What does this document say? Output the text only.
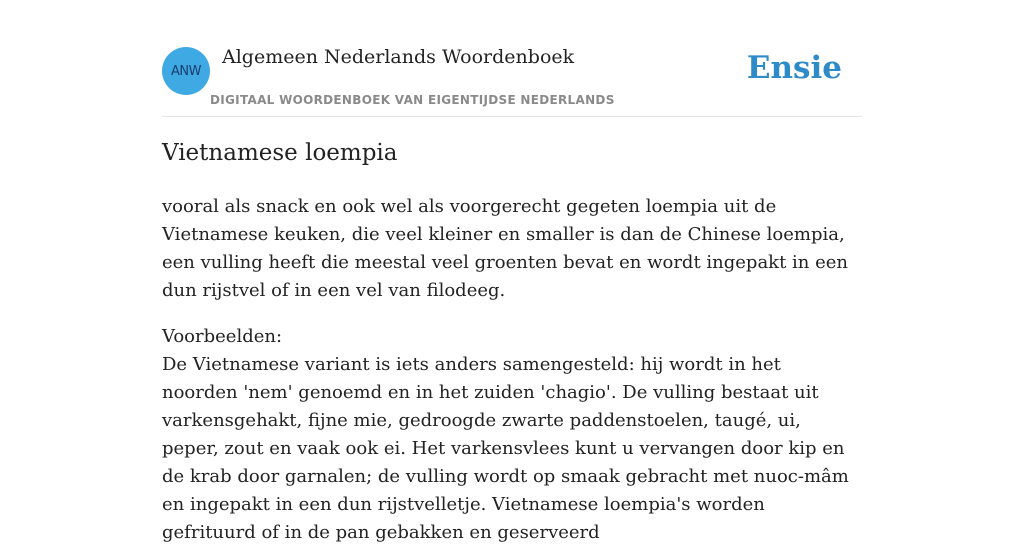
ANW
Algemeen Nederlands Woordenboek
DIGITAAL WOORDENBOEK VAN EIGENTIJDSE NEDERLANDS
Ensie
Vietnamese loempia

vooral als snack en ook wel als voorgerecht gegeten loempia uit de Vietnamese keuken, die veel kleiner en smaller is dan de Chinese loempia, een vulling heeft die meestal veel groenten bevat en wordt ingepakt in een dun rijstvel of in een vel van filodeeg.

Voorbeelden:
De Vietnamese variant is iets anders samengesteld: hij wordt in het noorden 'nem' genoemd en in het zuiden 'chagio'. De vulling bestaat uit varkensgehakt, fijne mie, gedroogde zwarte paddenstoelen, taugé, ui, peper, zout en vaak ook ei. Het varkensvlees kunt u vervangen door kip en de krab door garnalen; de vulling wordt op smaak gebracht met nuoc-mâm en ingepakt in een dun rijstvelletje. Vietnamese loempia's worden gefrituurd of in de pan gebakken en geserveerd
